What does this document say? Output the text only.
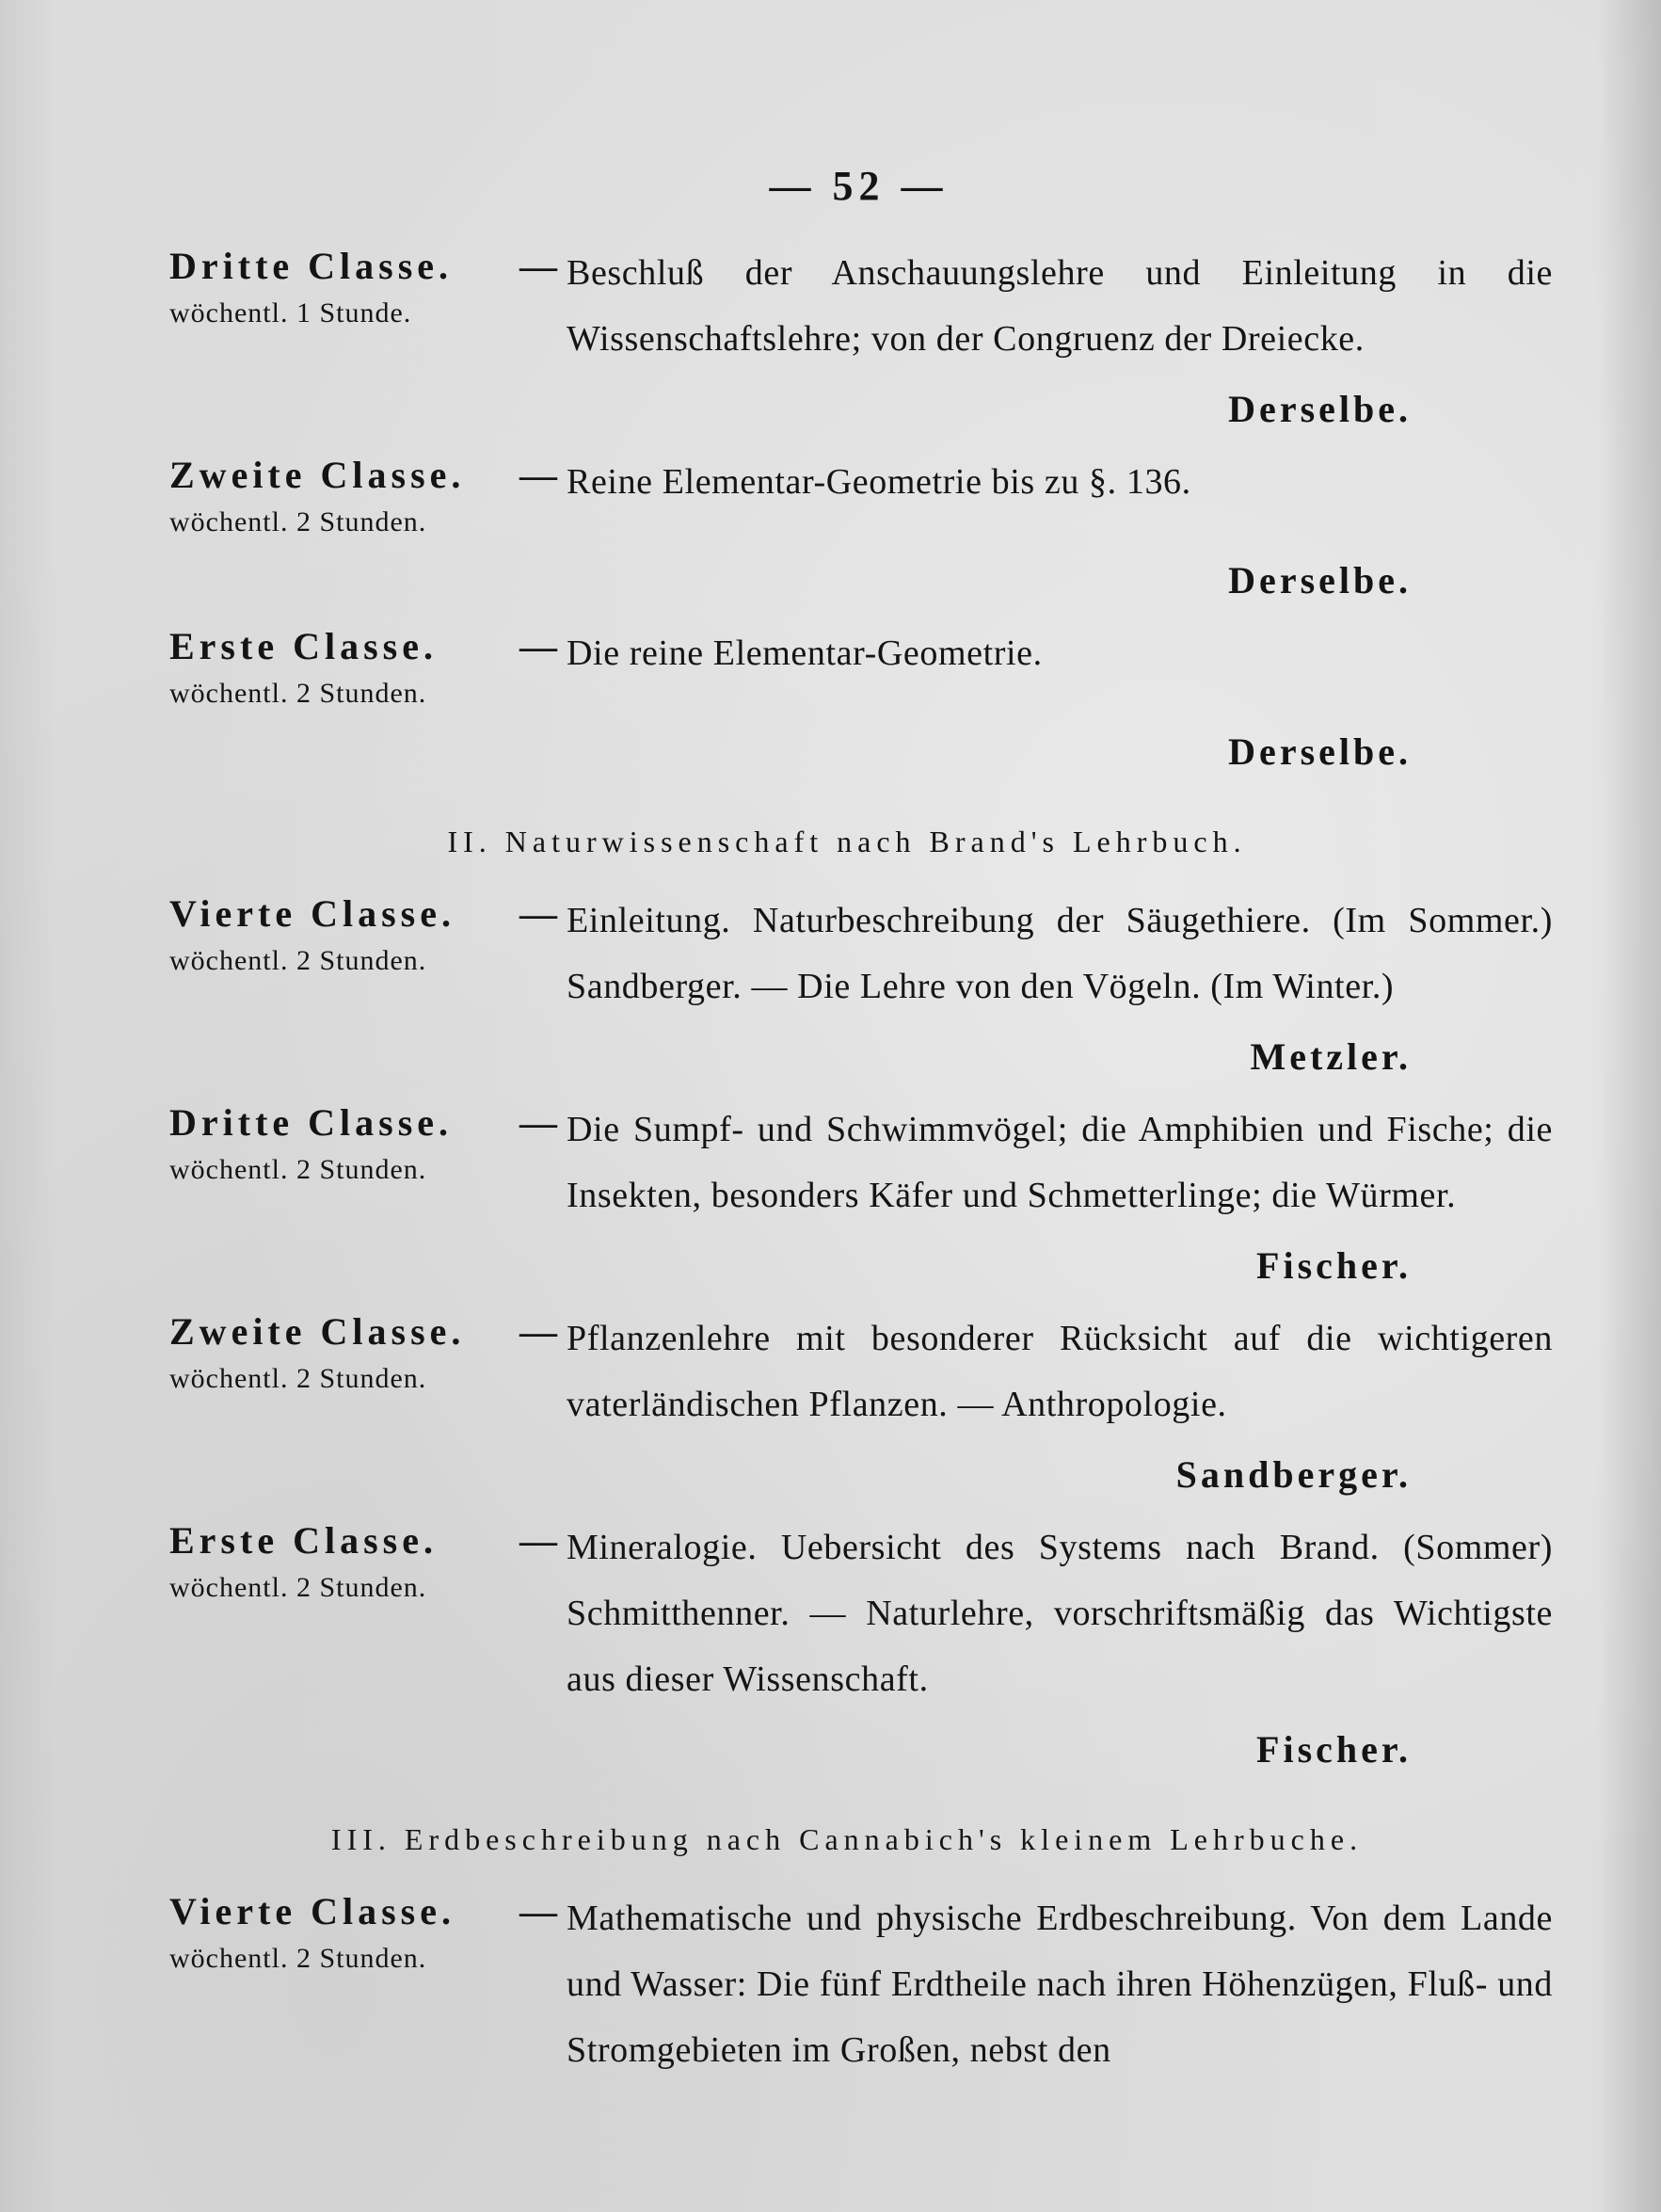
— 52 —
Dritte Classe.
wöchentl. 1 Stunde.
— Beschluß der Anschauungslehre und Einleitung in die Wissenschaftslehre; von der Congruenz der Dreiecke.
Derselbe.
Zweite Classe.
wöchentl. 2 Stunden.
— Reine Elementar-Geometrie bis zu §. 136.
Derselbe.
Erste Classe.
wöchentl. 2 Stunden.
— Die reine Elementar-Geometrie.
Derselbe.
II. Naturwissenschaft nach Brand's Lehrbuch.
Vierte Classe.
wöchentl. 2 Stunden.
— Einleitung. Naturbeschreibung der Säugethiere. (Im Sommer.) Sandberger. — Die Lehre von den Vögeln. (Im Winter.)
Metzler.
Dritte Classe.
wöchentl. 2 Stunden.
— Die Sumpf- und Schwimmvögel; die Amphibien und Fische; die Insekten, besonders Käfer und Schmetterlinge; die Würmer.
Fischer.
Zweite Classe.
wöchentl. 2 Stunden.
— Pflanzenlehre mit besonderer Rücksicht auf die wichtigeren vaterländischen Pflanzen. — Anthropologie.
Sandberger.
Erste Classe.
wöchentl. 2 Stunden.
— Mineralogie. Uebersicht des Systems nach Brand. (Sommer) Schmitthenner. — Naturlehre, vorschriftsmäßig das Wichtigste aus dieser Wissenschaft.
Fischer.
III. Erdbeschreibung nach Cannabich's kleinem Lehrbuche.
Vierte Classe.
wöchentl. 2 Stunden.
— Mathematische und physische Erdbeschreibung. Von dem Lande und Wasser: Die fünf Erdtheile nach ihren Höhenzügen, Fluß- und Stromgebieten im Großen, nebst den
